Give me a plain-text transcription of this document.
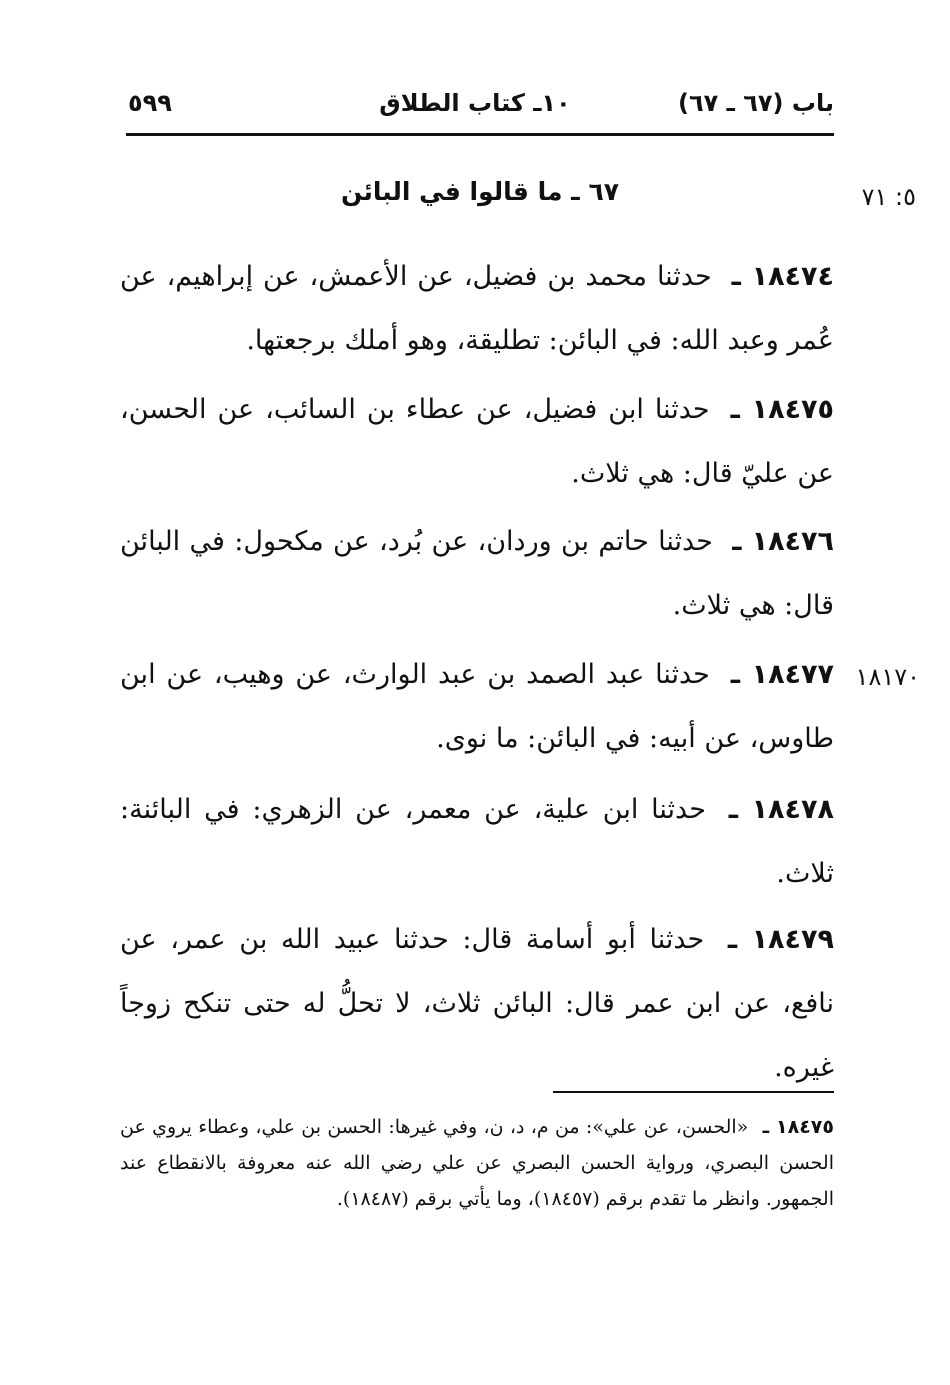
باب (٦٧ ـ ٦٧)
١٠ـ كتاب الطلاق
٥٩٩
٦٧ ـ ما قالوا في البائن	٥: ٧١

١٨٤٧٤ ـ حدثنا محمد بن فضيل، عن الأعمش، عن إبراهيم، عن عُمر وعبد الله: في البائن: تطليقة، وهو أملك برجعتها.

١٨٤٧٥ ـ حدثنا ابن فضيل، عن عطاء بن السائب، عن الحسن، عن عليّ قال: هي ثلاث.

١٨٤٧٦ ـ حدثنا حاتم بن وردان، عن بُرد، عن مكحول: في البائن قال: هي ثلاث.

١٨١٧٠

١٨٤٧٧ ـ حدثنا عبد الصمد بن عبد الوارث، عن وهيب، عن ابن طاوس، عن أبيه: في البائن: ما نوى.

١٨٤٧٨ ـ حدثنا ابن علية، عن معمر، عن الزهري: في البائنة: ثلاث.

١٨٤٧٩ ـ حدثنا أبو أسامة قال: حدثنا عبيد الله بن عمر، عن نافع، عن ابن عمر قال: البائن ثلاث، لا تحلُّ له حتى تنكح زوجاً غيره.

١٨٤٧٥ ـ «الحسن، عن علي»: من م، د، ن، وفي غيرها: الحسن بن علي، وعطاء يروي عن الحسن البصري، ورواية الحسن البصري عن علي رضي الله عنه معروفة بالانقطاع عند الجمهور. وانظر ما تقدم برقم (١٨٤٥٧)، وما يأتي برقم (١٨٤٨٧).
